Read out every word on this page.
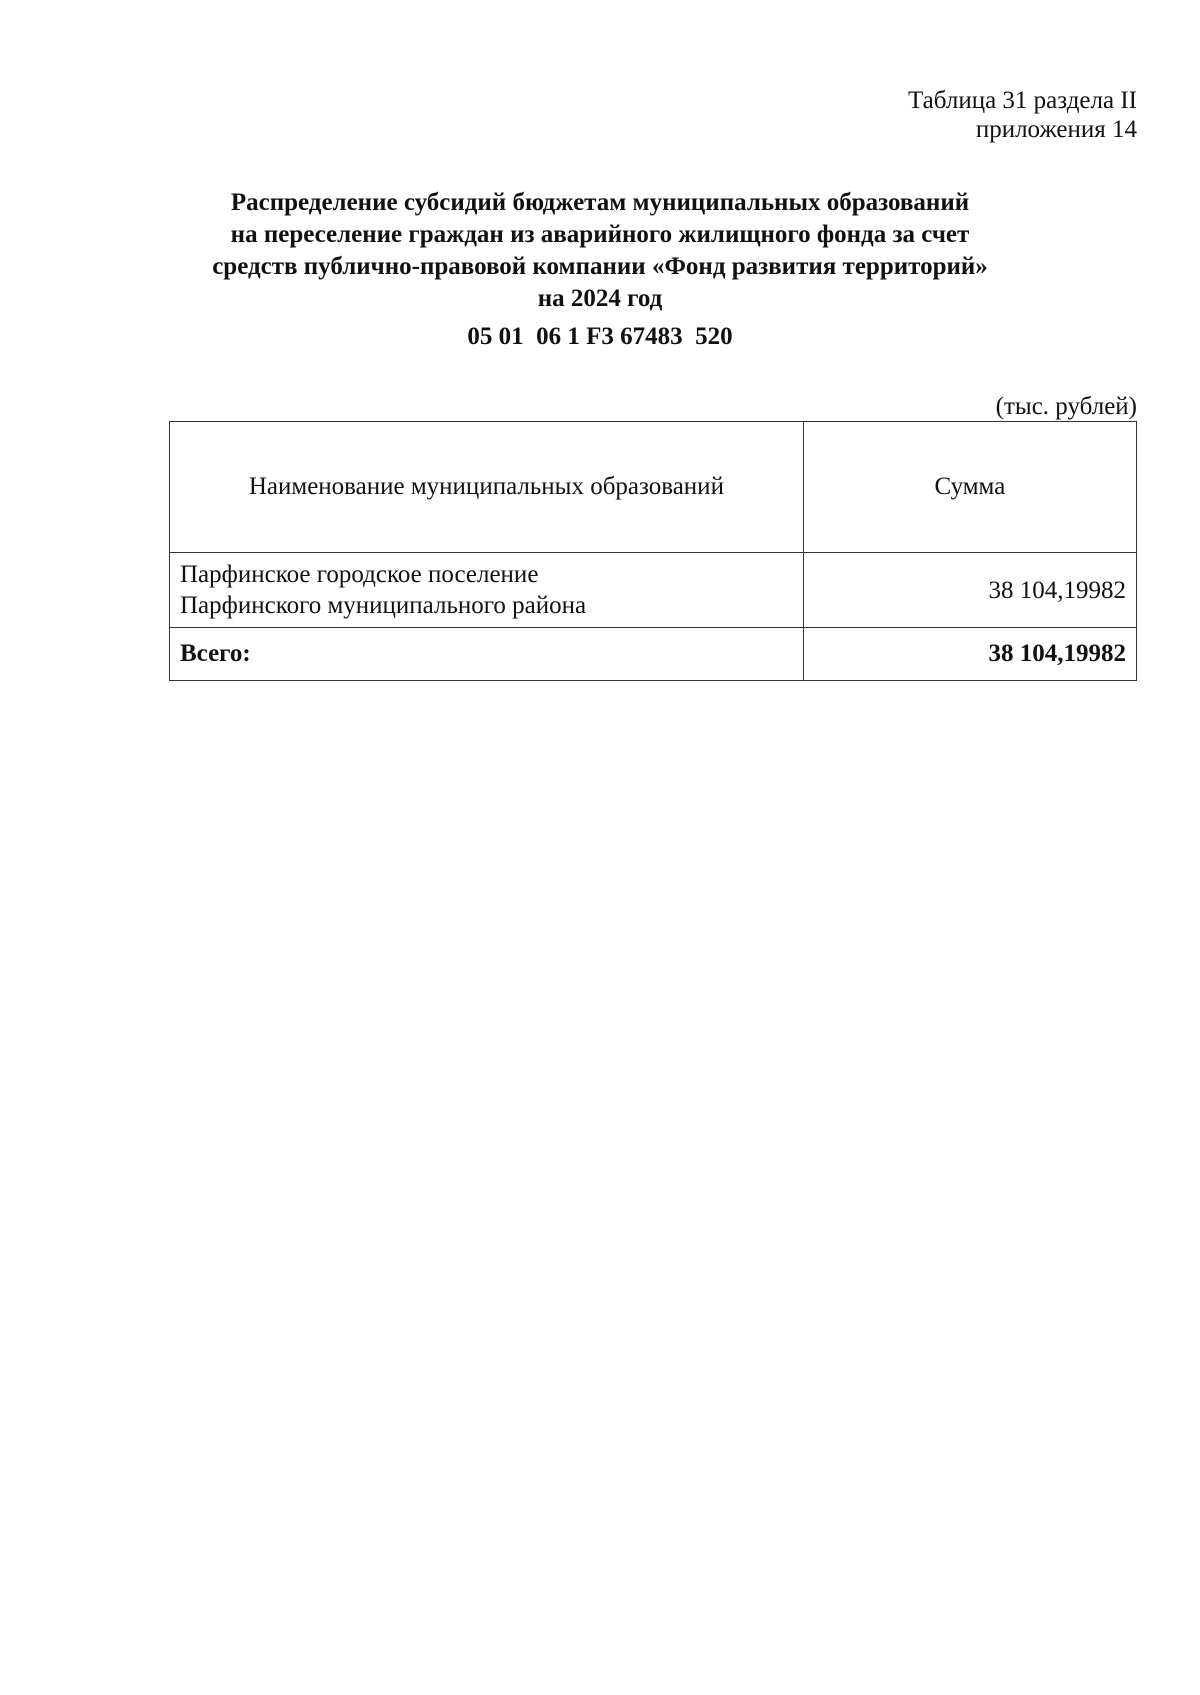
Таблица 31 раздела II
приложения 14
Распределение субсидий бюджетам муниципальных образований
на переселение граждан из аварийного жилищного фонда за счет
средств публично-правовой компании «Фонд развития территорий»
на 2024 год
05 01  06 1 F3 67483  520
(тыс. рублей)
Наименование муниципальных образований	Сумма

Парфинское городское поселение
Парфинского муниципального района	38 104,19982
Всего:	38 104,19982
